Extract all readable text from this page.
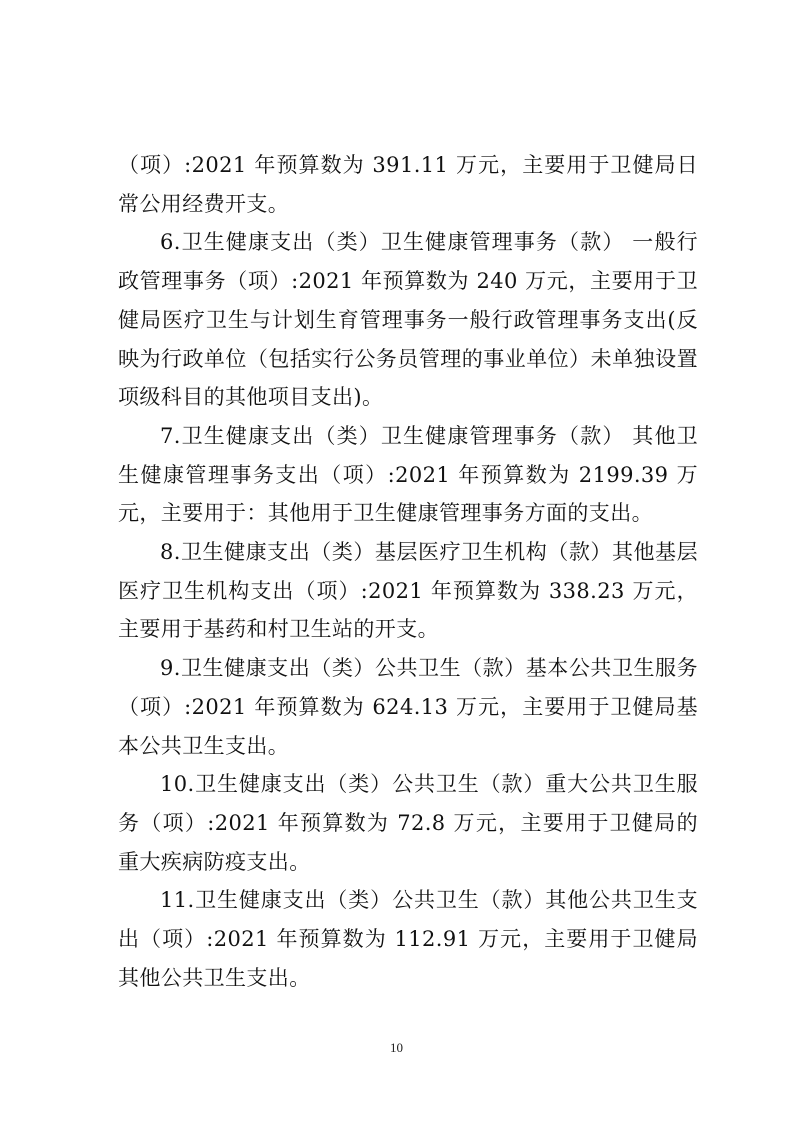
（项）:2021 年预算数为 391.11 万元，主要用于卫健局日常公用经费开支。

6.卫生健康支出（类）卫生健康管理事务（款） 一般行政管理事务（项）:2021 年预算数为 240 万元，主要用于卫健局医疗卫生与计划生育管理事务一般行政管理事务支出(反映为行政单位（包括实行公务员管理的事业单位）未单独设置项级科目的其他项目支出)。

7.卫生健康支出（类）卫生健康管理事务（款） 其他卫生健康管理事务支出（项）:2021 年预算数为 2199.39 万元，主要用于：其他用于卫生健康管理事务方面的支出。

8.卫生健康支出（类）基层医疗卫生机构（款）其他基层医疗卫生机构支出（项）:2021 年预算数为 338.23 万元，主要用于基药和村卫生站的开支。

9.卫生健康支出（类）公共卫生（款）基本公共卫生服务（项）:2021 年预算数为 624.13 万元，主要用于卫健局基本公共卫生支出。

10.卫生健康支出（类）公共卫生（款）重大公共卫生服务（项）:2021 年预算数为 72.8 万元，主要用于卫健局的重大疾病防疫支出。

11.卫生健康支出（类）公共卫生（款）其他公共卫生支出（项）:2021 年预算数为 112.91 万元，主要用于卫健局其他公共卫生支出。

10
